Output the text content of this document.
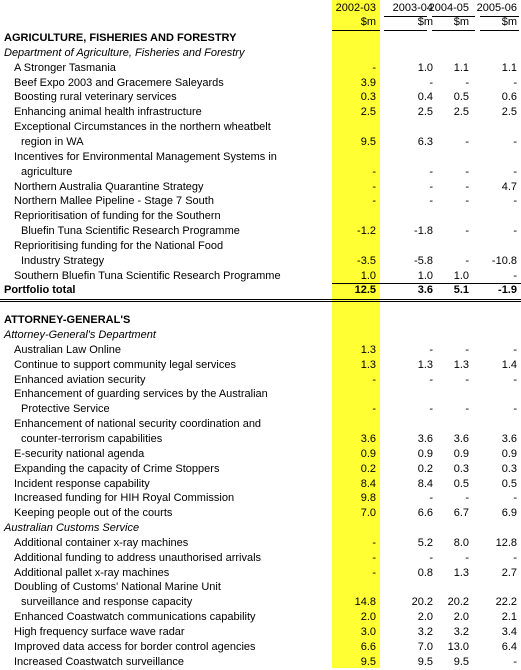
2002-03	2003-04
2004-05 2005-06
$m	$m	$m	$m
AGRICULTURE, FISHERIES AND FORESTRY
Department of Agriculture, Fisheries and Forestry
A Stronger Tasmania	-	1.0	1.1	1.1
Beef Expo 2003 and Gracemere Saleyards	3.9	-	-	-
Boosting rural veterinary services	0.3	0.4	0.5	0.6
Enhancing animal health infrastructure	2.5	2.5	2.5	2.5
Exceptional Circumstances in the northern wheatbelt
region in WA	9.5	6.3	-	-
Incentives for Environmental Management Systems in
agriculture	-	-	-	-
Northern Australia Quarantine Strategy	-	-	-	4.7
Northern Mallee Pipeline - Stage 7 South	-	-	-	-
Reprioritisation of funding for the Southern
Bluefin Tuna Scientific Research Programme	-1.2	-1.8	-	-
Reprioritising funding for the National Food
Industry Strategy	-3.5	-5.8	-	-10.8
Southern Bluefin Tuna Scientific Research Programme	1.0	1.0	1.0	-
Portfolio total	12.5	3.6	5.1	-1.9
ATTORNEY-GENERAL'S
Attorney-General's Department
Australian Law Online	1.3	-	-	-
Continue to support community legal services	1.3	1.3	1.3	1.4
Enhanced aviation security	-	-	-	-
Enhancement of guarding services by the Australian
Protective Service	-	-	-	-
Enhancement of national security coordination and
counter-terrorism capabilities	3.6	3.6	3.6	3.6
E-security national agenda	0.9	0.9	0.9	0.9
Expanding the capacity of Crime Stoppers	0.2	0.2	0.3	0.3
Incident response capability	8.4	8.4	0.5	0.5
Increased funding for HIH Royal Commission	9.8	-	-	-
Keeping people out of the courts	7.0	6.6	6.7	6.9
Australian Customs Service
Additional container x-ray machines	-	5.2	8.0	12.8
Additional funding to address unauthorised arrivals	-	-	-	-
Additional pallet x-ray machines	-	0.8	1.3	2.7
Doubling of Customs' National Marine Unit
surveillance and response capacity	14.8	20.2	20.2	22.2
Enhanced Coastwatch communications capability	2.0	2.0	2.0	2.1
High frequency surface wave radar	3.0	3.2	3.2	3.4
Improved data access for border control agencies	6.6	7.0	13.0	6.4
Increased Coastwatch surveillance	9.5	9.5	9.5	-
